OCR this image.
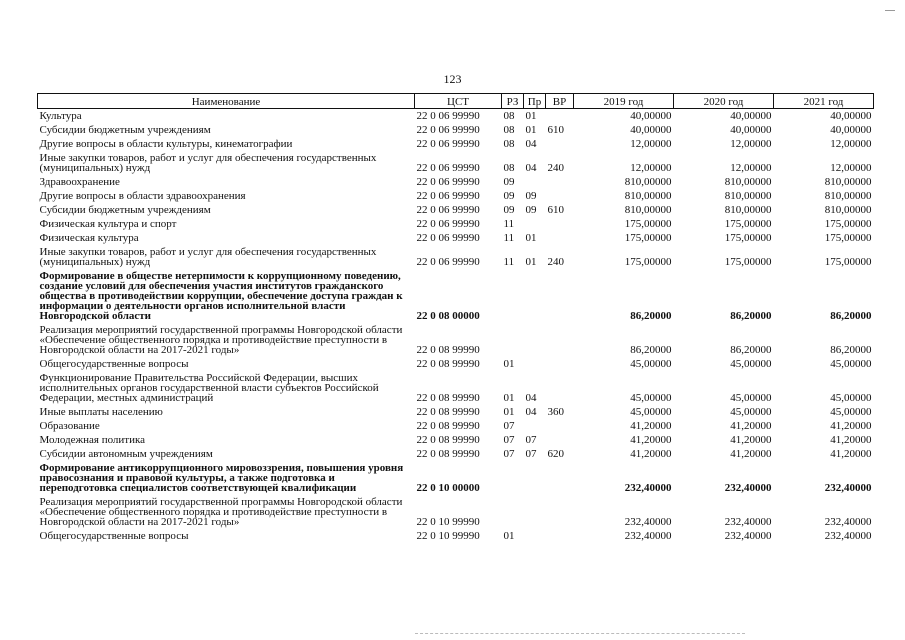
123
Наименование	ЦСТ	РЗ	Пр	ВР	2019 год	2020 год	2021 год
Культура	22 0 06 99990	08	01		40,00000	40,00000	40,00000
Субсидии бюджетным учреждениям	22 0 06 99990	08	01	610	40,00000	40,00000	40,00000
Другие вопросы в области культуры, кинематографии	22 0 06 99990	08	04		12,00000	12,00000	12,00000
Иные закупки товаров, работ и услуг для обеспечения государственных (муниципальных) нужд	22 0 06 99990	08	04	240	12,00000	12,00000	12,00000
Здравоохранение	22 0 06 99990	09			810,00000	810,00000	810,00000
Другие вопросы в области здравоохранения	22 0 06 99990	09	09		810,00000	810,00000	810,00000
Субсидии бюджетным учреждениям	22 0 06 99990	09	09	610	810,00000	810,00000	810,00000
Физическая культура и спорт	22 0 06 99990	11			175,00000	175,00000	175,00000
Физическая культура	22 0 06 99990	11	01		175,00000	175,00000	175,00000
Иные закупки товаров, работ и услуг для обеспечения государственных (муниципальных) нужд	22 0 06 99990	11	01	240	175,00000	175,00000	175,00000
Формирование в обществе нетерпимости к коррупционному поведению, создание условий для обеспечения участия институтов гражданского общества в противодействии коррупции, обеспечение доступа граждан к информации о деятельности органов исполнительной власти Новгородской области	22 0 08 00000				86,20000	86,20000	86,20000
Реализация мероприятий государственной программы Новгородской области «Обеспечение общественного порядка и противодействие преступности в Новгородской области на 2017-2021 годы»	22 0 08 99990				86,20000	86,20000	86,20000
Общегосударственные вопросы	22 0 08 99990	01			45,00000	45,00000	45,00000
Функционирование Правительства Российской Федерации, высших исполнительных органов государственной власти субъектов Российской Федерации, местных администраций	22 0 08 99990	01	04		45,00000	45,00000	45,00000
Иные выплаты населению	22 0 08 99990	01	04	360	45,00000	45,00000	45,00000
Образование	22 0 08 99990	07			41,20000	41,20000	41,20000
Молодежная политика	22 0 08 99990	07	07		41,20000	41,20000	41,20000
Субсидии автономным учреждениям	22 0 08 99990	07	07	620	41,20000	41,20000	41,20000
Формирование антикоррупционного мировоззрения, повышения уровня правосознания и правовой культуры, а также подготовка и переподготовка специалистов соответствующей квалификации	22 0 10 00000				232,40000	232,40000	232,40000
Реализация мероприятий государственной программы Новгородской области «Обеспечение общественного порядка и противодействие преступности в Новгородской области на 2017-2021 годы»	22 0 10 99990				232,40000	232,40000	232,40000
Общегосударственные вопросы	22 0 10 99990	01			232,40000	232,40000	232,40000
